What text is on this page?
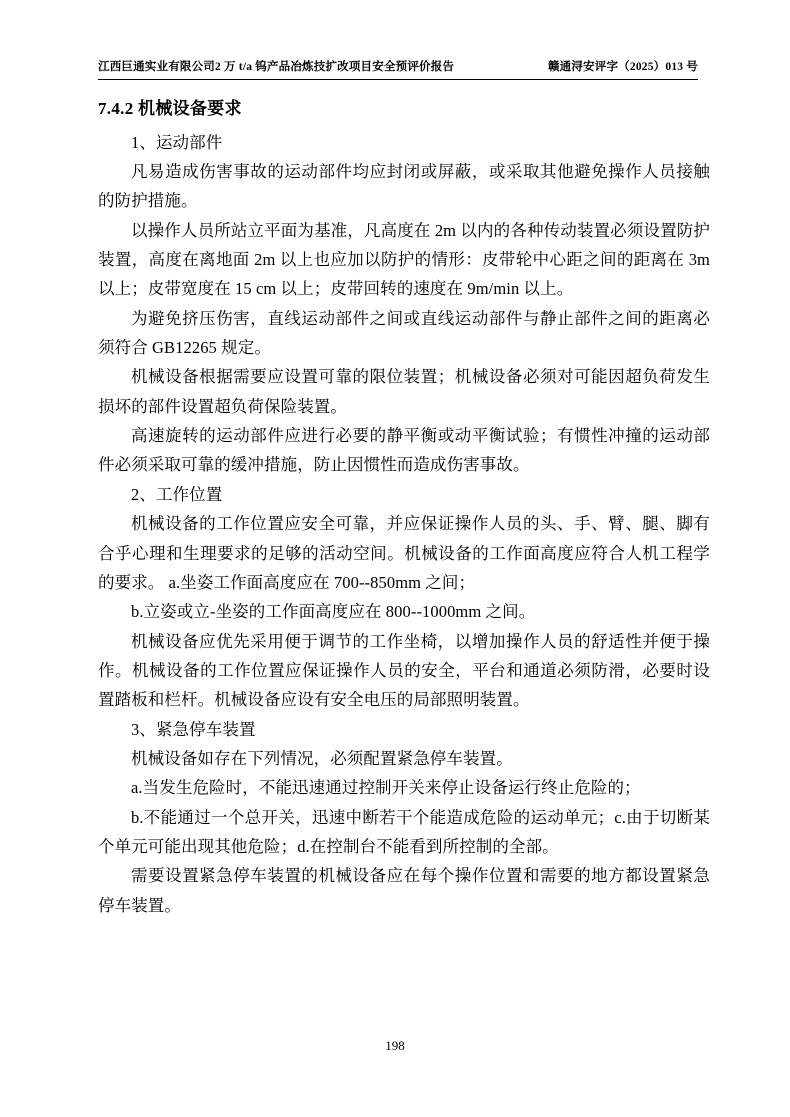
江西巨通实业有限公司2 万 t/a 钨产品冶炼技扩改项目安全预评价报告	赣通浔安评字（2025）013 号
7.4.2 机械设备要求

1、运动部件

凡易造成伤害事故的运动部件均应封闭或屏蔽，或采取其他避免操作人员接触的防护措施。

以操作人员所站立平面为基准，凡高度在 2m 以内的各种传动装置必须设置防护装置，高度在离地面 2m 以上也应加以防护的情形：皮带轮中心距之间的距离在 3m 以上；皮带宽度在 15 cm 以上；皮带回转的速度在 9m/min 以上。

为避免挤压伤害，直线运动部件之间或直线运动部件与静止部件之间的距离必须符合 GB12265 规定。

机械设备根据需要应设置可靠的限位装置；机械设备必须对可能因超负荷发生损坏的部件设置超负荷保险装置。

高速旋转的运动部件应进行必要的静平衡或动平衡试验；有惯性冲撞的运动部件必须采取可靠的缓冲措施，防止因惯性而造成伤害事故。

2、工作位置

机械设备的工作位置应安全可靠，并应保证操作人员的头、手、臂、腿、脚有合乎心理和生理要求的足够的活动空间。机械设备的工作面高度应符合人机工程学的要求。 a.坐姿工作面高度应在 700--850mm 之间；

b.立姿或立-坐姿的工作面高度应在 800--1000mm 之间。

机械设备应优先采用便于调节的工作坐椅，以增加操作人员的舒适性并便于操作。机械设备的工作位置应保证操作人员的安全，平台和通道必须防滑，必要时设置踏板和栏杆。机械设备应设有安全电压的局部照明装置。

3、紧急停车装置

机械设备如存在下列情况，必须配置紧急停车装置。

a.当发生危险时，不能迅速通过控制开关来停止设备运行终止危险的；

b.不能通过一个总开关，迅速中断若干个能造成危险的运动单元；c.由于切断某个单元可能出现其他危险；d.在控制台不能看到所控制的全部。

需要设置紧急停车装置的机械设备应在每个操作位置和需要的地方都设置紧急停车装置。

198
